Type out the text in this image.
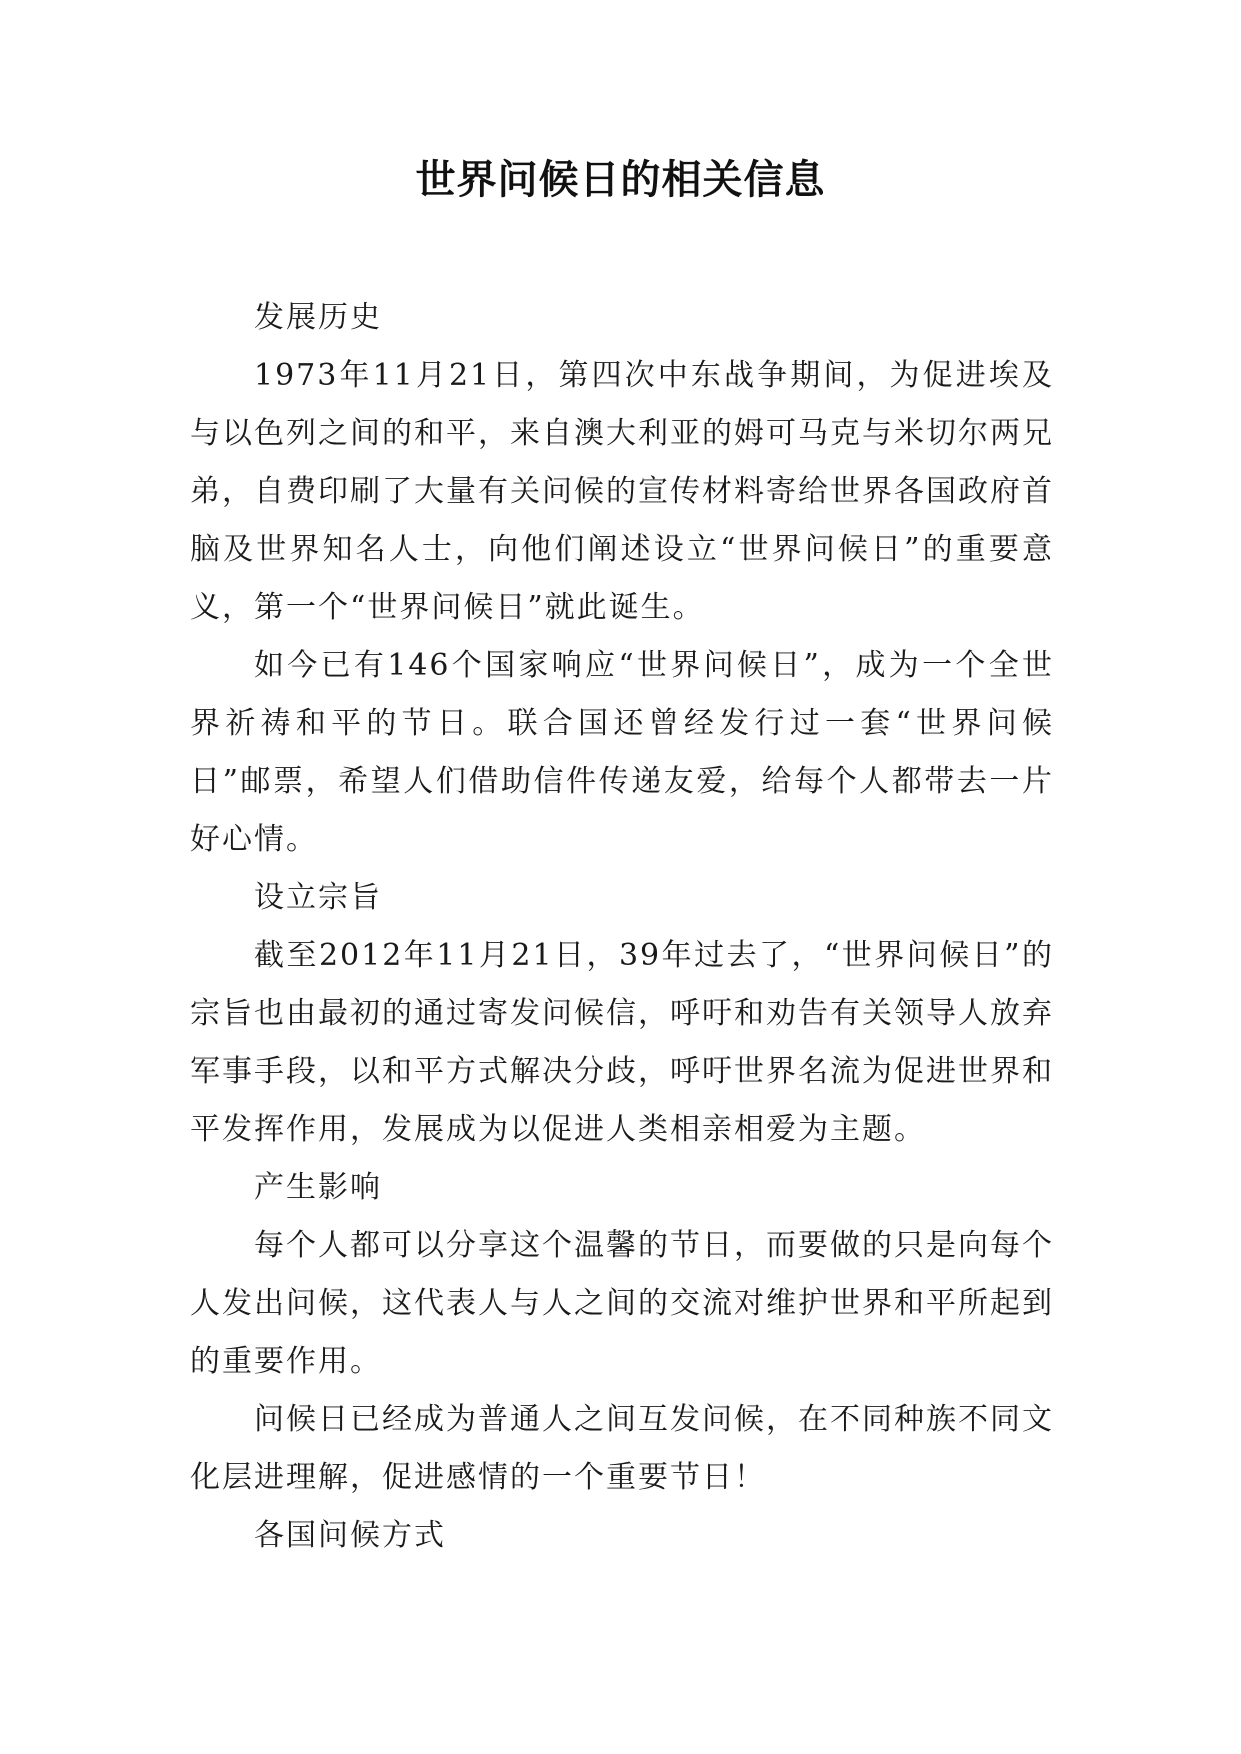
世界问候日的相关信息

发展历史

1973年11月21日，第四次中东战争期间，为促进埃及与以色列之间的和平，来自澳大利亚的姆可马克与米切尔两兄弟，自费印刷了大量有关问候的宣传材料寄给世界各国政府首脑及世界知名人士，向他们阐述设立“世界问候日”的重要意义，第一个“世界问候日”就此诞生。

如今已有146个国家响应“世界问候日”，成为一个全世界祈祷和平的节日。联合国还曾经发行过一套“世界问候日”邮票，希望人们借助信件传递友爱，给每个人都带去一片好心情。

设立宗旨

截至2012年11月21日，39年过去了，“世界问候日”的宗旨也由最初的通过寄发问候信，呼吁和劝告有关领导人放弃军事手段，以和平方式解决分歧，呼吁世界名流为促进世界和平发挥作用，发展成为以促进人类相亲相爱为主题。

产生影响

每个人都可以分享这个温馨的节日，而要做的只是向每个人发出问候，这代表人与人之间的交流对维护世界和平所起到的重要作用。

问候日已经成为普通人之间互发问候，在不同种族不同文化层进理解，促进感情的一个重要节日！

各国问候方式
